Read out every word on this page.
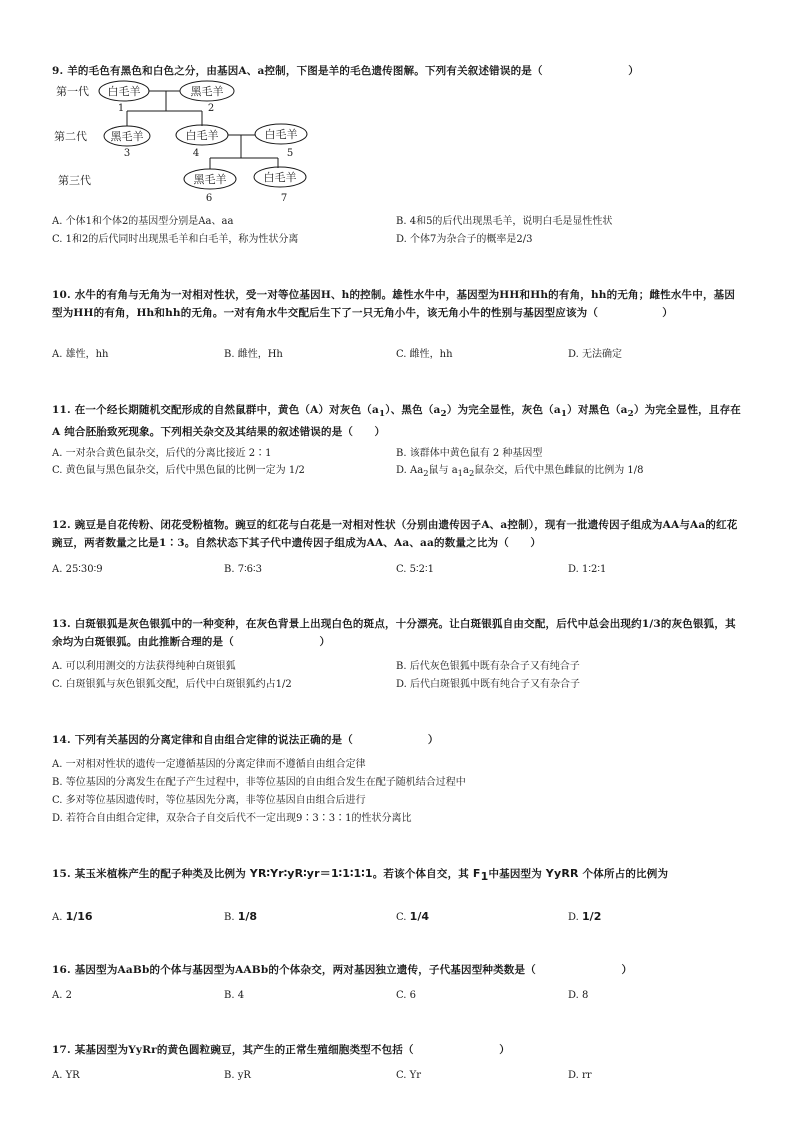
9. 羊的毛色有黑色和白色之分，由基因A、a控制，下图是羊的毛色遗传图解。下列有关叙述错误的是（　　　　　　　　）
第一代
第二代
第三代
白毛羊	黑毛羊
黑毛羊	白毛羊	白毛羊
黑毛羊	白毛羊
1	2
3	4	5
6	7
A. 个体1和个体2的基因型分别是Aa、aa	B. 4和5的后代出现黑毛羊，说明白毛是显性性状
C. 1和2的后代同时出现黑毛羊和白毛羊，称为性状分离	D. 个体7为杂合子的概率是2/3
10. 水牛的有角与无角为一对相对性状，受一对等位基因H、h的控制。雄性水牛中，基因型为HH和Hh的有角，hh的无角；雌性水牛中，基因型为HH的有角，Hh和hh的无角。一对有角水牛交配后生下了一只无角小牛，该无角小牛的性别与基因型应该为（　　　　　　）
A. 雄性，hh	B. 雌性，Hh	C. 雌性，hh	D. 无法确定
11. 在一个经长期随机交配形成的自然鼠群中，黄色（A）对灰色$(a_1)$、黑色$(a_2)$为完全显性，灰色$(a_1)$对黑色$(a_2)$为完全显性，且存在 A 纯合胚胎致死现象。下列相关杂交及其结果的叙述错误的是（　　）
A. 一对杂合黄色鼠杂交，后代的分离比接近 2∶1	B. 该群体中黄色鼠有 2 种基因型
C. 黄色鼠与黑色鼠杂交，后代中黑色鼠的比例一定为 1/2	D. $Aa_2$鼠与 $a_1a_2$鼠杂交，后代中黑色雌鼠的比例为 1/8
12. 豌豆是自花传粉、闭花受粉植物。豌豆的红花与白花是一对相对性状（分别由遗传因子A、a控制），现有一批遗传因子组成为AA与Aa的红花豌豆，两者数量之比是1∶3。自然状态下其子代中遗传因子组成为AA、Aa、aa的数量之比为（　　）
A. 25∶30∶9	B. 7∶6∶3	C. 5∶2∶1	D. 1∶2∶1
13. 白斑银狐是灰色银狐中的一种变种，在灰色背景上出现白色的斑点，十分漂亮。让白斑银狐自由交配，后代中总会出现约1/3的灰色银狐，其余均为白斑银狐。由此推断合理的是（　　　　　　　　）
A. 可以利用测交的方法获得纯种白斑银狐	B. 后代灰色银狐中既有杂合子又有纯合子
C. 白斑银狐与灰色银狐交配，后代中白斑银狐约占1/2	D. 后代白斑银狐中既有纯合子又有杂合子
14. 下列有关基因的分离定律和自由组合定律的说法正确的是（　　　　　　　）
A. 一对相对性状的遗传一定遵循基因的分离定律而不遵循自由组合定律
B. 等位基因的分离发生在配子产生过程中，非等位基因的自由组合发生在配子随机结合过程中
C. 多对等位基因遗传时，等位基因先分离，非等位基因自由组合后进行
D. 若符合自由组合定律，双杂合子自交后代不一定出现9∶3∶3∶1的性状分离比
15. 某玉米植株产生的配子种类及比例为 YR∶Yr∶yR∶yr＝1∶1∶1∶1。若该个体自交，其 $F_1$中基因型为 YyRR 个体所占的比例为
A. 1/16	B. 1/8	C. 1/4	D. 1/2
16. 基因型为AaBb的个体与基因型为AABb的个体杂交，两对基因独立遗传，子代基因型种类数是（　　　　　　　　）
A. 2	B. 4	C. 6	D. 8
17. 某基因型为YyRr的黄色圆粒豌豆，其产生的正常生殖细胞类型不包括（　　　　　　　　）
A. YR	B. yR	C. Yr	D. rr
